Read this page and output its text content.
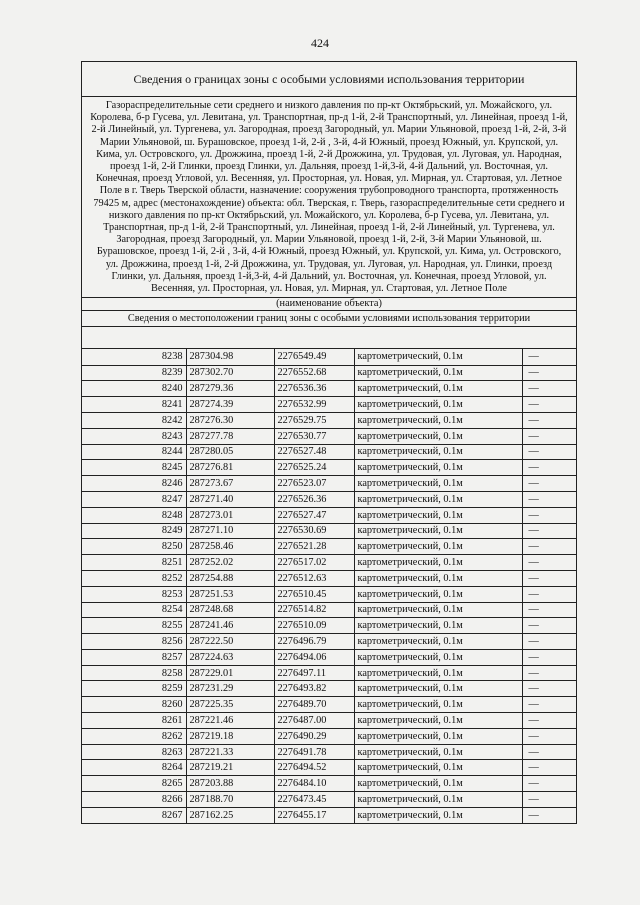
424
Сведения о границах зоны с особыми условиями использования территории
Газораспределительные сети среднего и низкого давления по пр-кт Октябрьский, ул. Можайского, ул. Королева, б-р Гусева, ул. Левитана, ул. Транспортная, пр-д 1-й, 2-й Транспортный, ул. Линейная, проезд 1-й, 2-й Линейный, ул. Тургенева, ул. Загородная, проезд Загородный, ул. Марии Ульяновой, проезд 1-й, 2-й, 3-й Марии Ульяновой, ш. Бурашовское, проезд 1-й, 2-й , 3-й, 4-й Южный, проезд Южный, ул. Крупской, ул. Кима, ул. Островского, ул. Дрожжина, проезд 1-й, 2-й Дрожжина, ул. Трудовая, ул. Луговая, ул. Народная, проезд 1-й, 2-й Глинки, проезд Глинки, ул. Дальняя, проезд 1-й,3-й, 4-й Дальний, ул. Восточная, ул. Конечная, проезд Угловой, ул. Весенняя, ул. Просторная, ул. Новая, ул. Мирная, ул. Стартовая, ул. Летное Поле в г. Тверь Тверской области, назначение: сооружения трубопроводного транспорта, протяженность 79425 м, адрес (местонахождение) объекта: обл. Тверская, г. Тверь, газораспределительные сети среднего и низкого давления по пр-кт Октябрьский, ул. Можайского, ул. Королева, б-р Гусева, ул. Левитана, ул. Транспортная, пр-д 1-й, 2-й Транспортный, ул. Линейная, проезд 1-й, 2-й Линейный, ул. Тургенева, ул. Загородная, проезд Загородный, ул. Марии Ульяновой, проезд 1-й, 2-й, 3-й Марии Ульяновой, ш. Бурашовское, проезд 1-й, 2-й , 3-й, 4-й Южный, проезд Южный, ул. Крупской, ул. Кима, ул. Островского, ул. Дрожжина, проезд 1-й, 2-й Дрожжина, ул. Трудовая, ул. Луговая, ул. Народная, ул. Глинки, проезд Глинки, ул. Дальняя, проезд 1-й,3-й, 4-й Дальний, ул. Восточная, ул. Конечная, проезд Угловой, ул. Весенняя, ул. Просторная, ул. Новая, ул. Мирная, ул. Стартовая, ул. Летное Поле
(наименование объекта)
Сведения о местоположении границ зоны с особыми условиями использования территории
8238	287304.98	2276549.49	картометрический, 0.1м	—
8239	287302.70	2276552.68	картометрический, 0.1м	—
8240	287279.36	2276536.36	картометрический, 0.1м	—
8241	287274.39	2276532.99	картометрический, 0.1м	—
8242	287276.30	2276529.75	картометрический, 0.1м	—
8243	287277.78	2276530.77	картометрический, 0.1м	—
8244	287280.05	2276527.48	картометрический, 0.1м	—
8245	287276.81	2276525.24	картометрический, 0.1м	—
8246	287273.67	2276523.07	картометрический, 0.1м	—
8247	287271.40	2276526.36	картометрический, 0.1м	—
8248	287273.01	2276527.47	картометрический, 0.1м	—
8249	287271.10	2276530.69	картометрический, 0.1м	—
8250	287258.46	2276521.28	картометрический, 0.1м	—
8251	287252.02	2276517.02	картометрический, 0.1м	—
8252	287254.88	2276512.63	картометрический, 0.1м	—
8253	287251.53	2276510.45	картометрический, 0.1м	—
8254	287248.68	2276514.82	картометрический, 0.1м	—
8255	287241.46	2276510.09	картометрический, 0.1м	—
8256	287222.50	2276496.79	картометрический, 0.1м	—
8257	287224.63	2276494.06	картометрический, 0.1м	—
8258	287229.01	2276497.11	картометрический, 0.1м	—
8259	287231.29	2276493.82	картометрический, 0.1м	—
8260	287225.35	2276489.70	картометрический, 0.1м	—
8261	287221.46	2276487.00	картометрический, 0.1м	—
8262	287219.18	2276490.29	картометрический, 0.1м	—
8263	287221.33	2276491.78	картометрический, 0.1м	—
8264	287219.21	2276494.52	картометрический, 0.1м	—
8265	287203.88	2276484.10	картометрический, 0.1м	—
8266	287188.70	2276473.45	картометрический, 0.1м	—
8267	287162.25	2276455.17	картометрический, 0.1м	—
